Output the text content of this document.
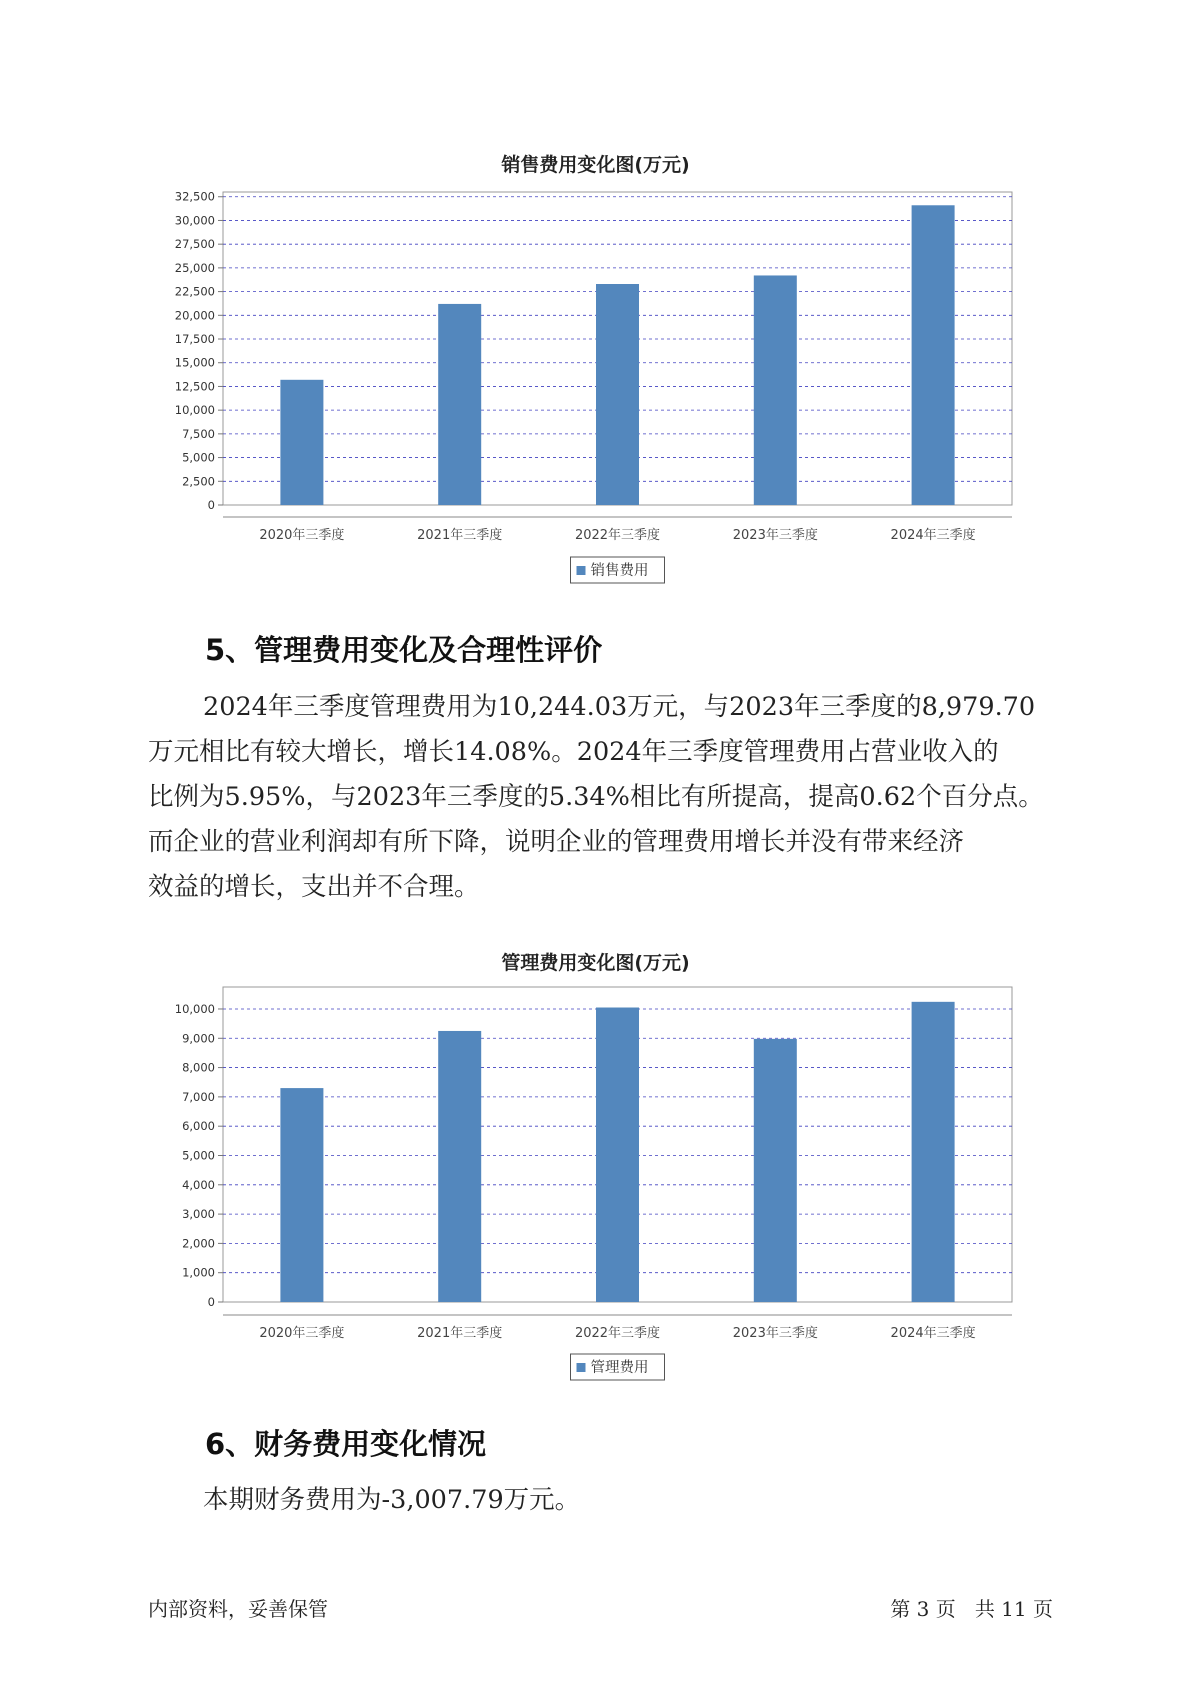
销售费用变化图(万元)
0
2,500
5,000
7,500
10,000
12,500
15,000
17,500
20,000
22,500
25,000
27,500
30,000
32,500
2020年三季度	2021年三季度	2022年三季度	2023年三季度	2024年三季度
销售费用
5、管理费用变化及合理性评价
2024年三季度管理费用为10,244.03万元，与2023年三季度的8,979.70
万元相比有较大增长，增长14.08%。2024年三季度管理费用占营业收入的
比例为5.95%，与2023年三季度的5.34%相比有所提高，提高0.62个百分点。
而企业的营业利润却有所下降，说明企业的管理费用增长并没有带来经济
效益的增长，支出并不合理。
管理费用变化图(万元)
0
1,000
2,000
3,000
4,000
5,000
6,000
7,000
8,000
9,000
10,000
2020年三季度	2021年三季度	2022年三季度	2023年三季度	2024年三季度
管理费用
6、财务费用变化情况
本期财务费用为-3,007.79万元。
内部资料，妥善保管	第 3 页   共 11 页
